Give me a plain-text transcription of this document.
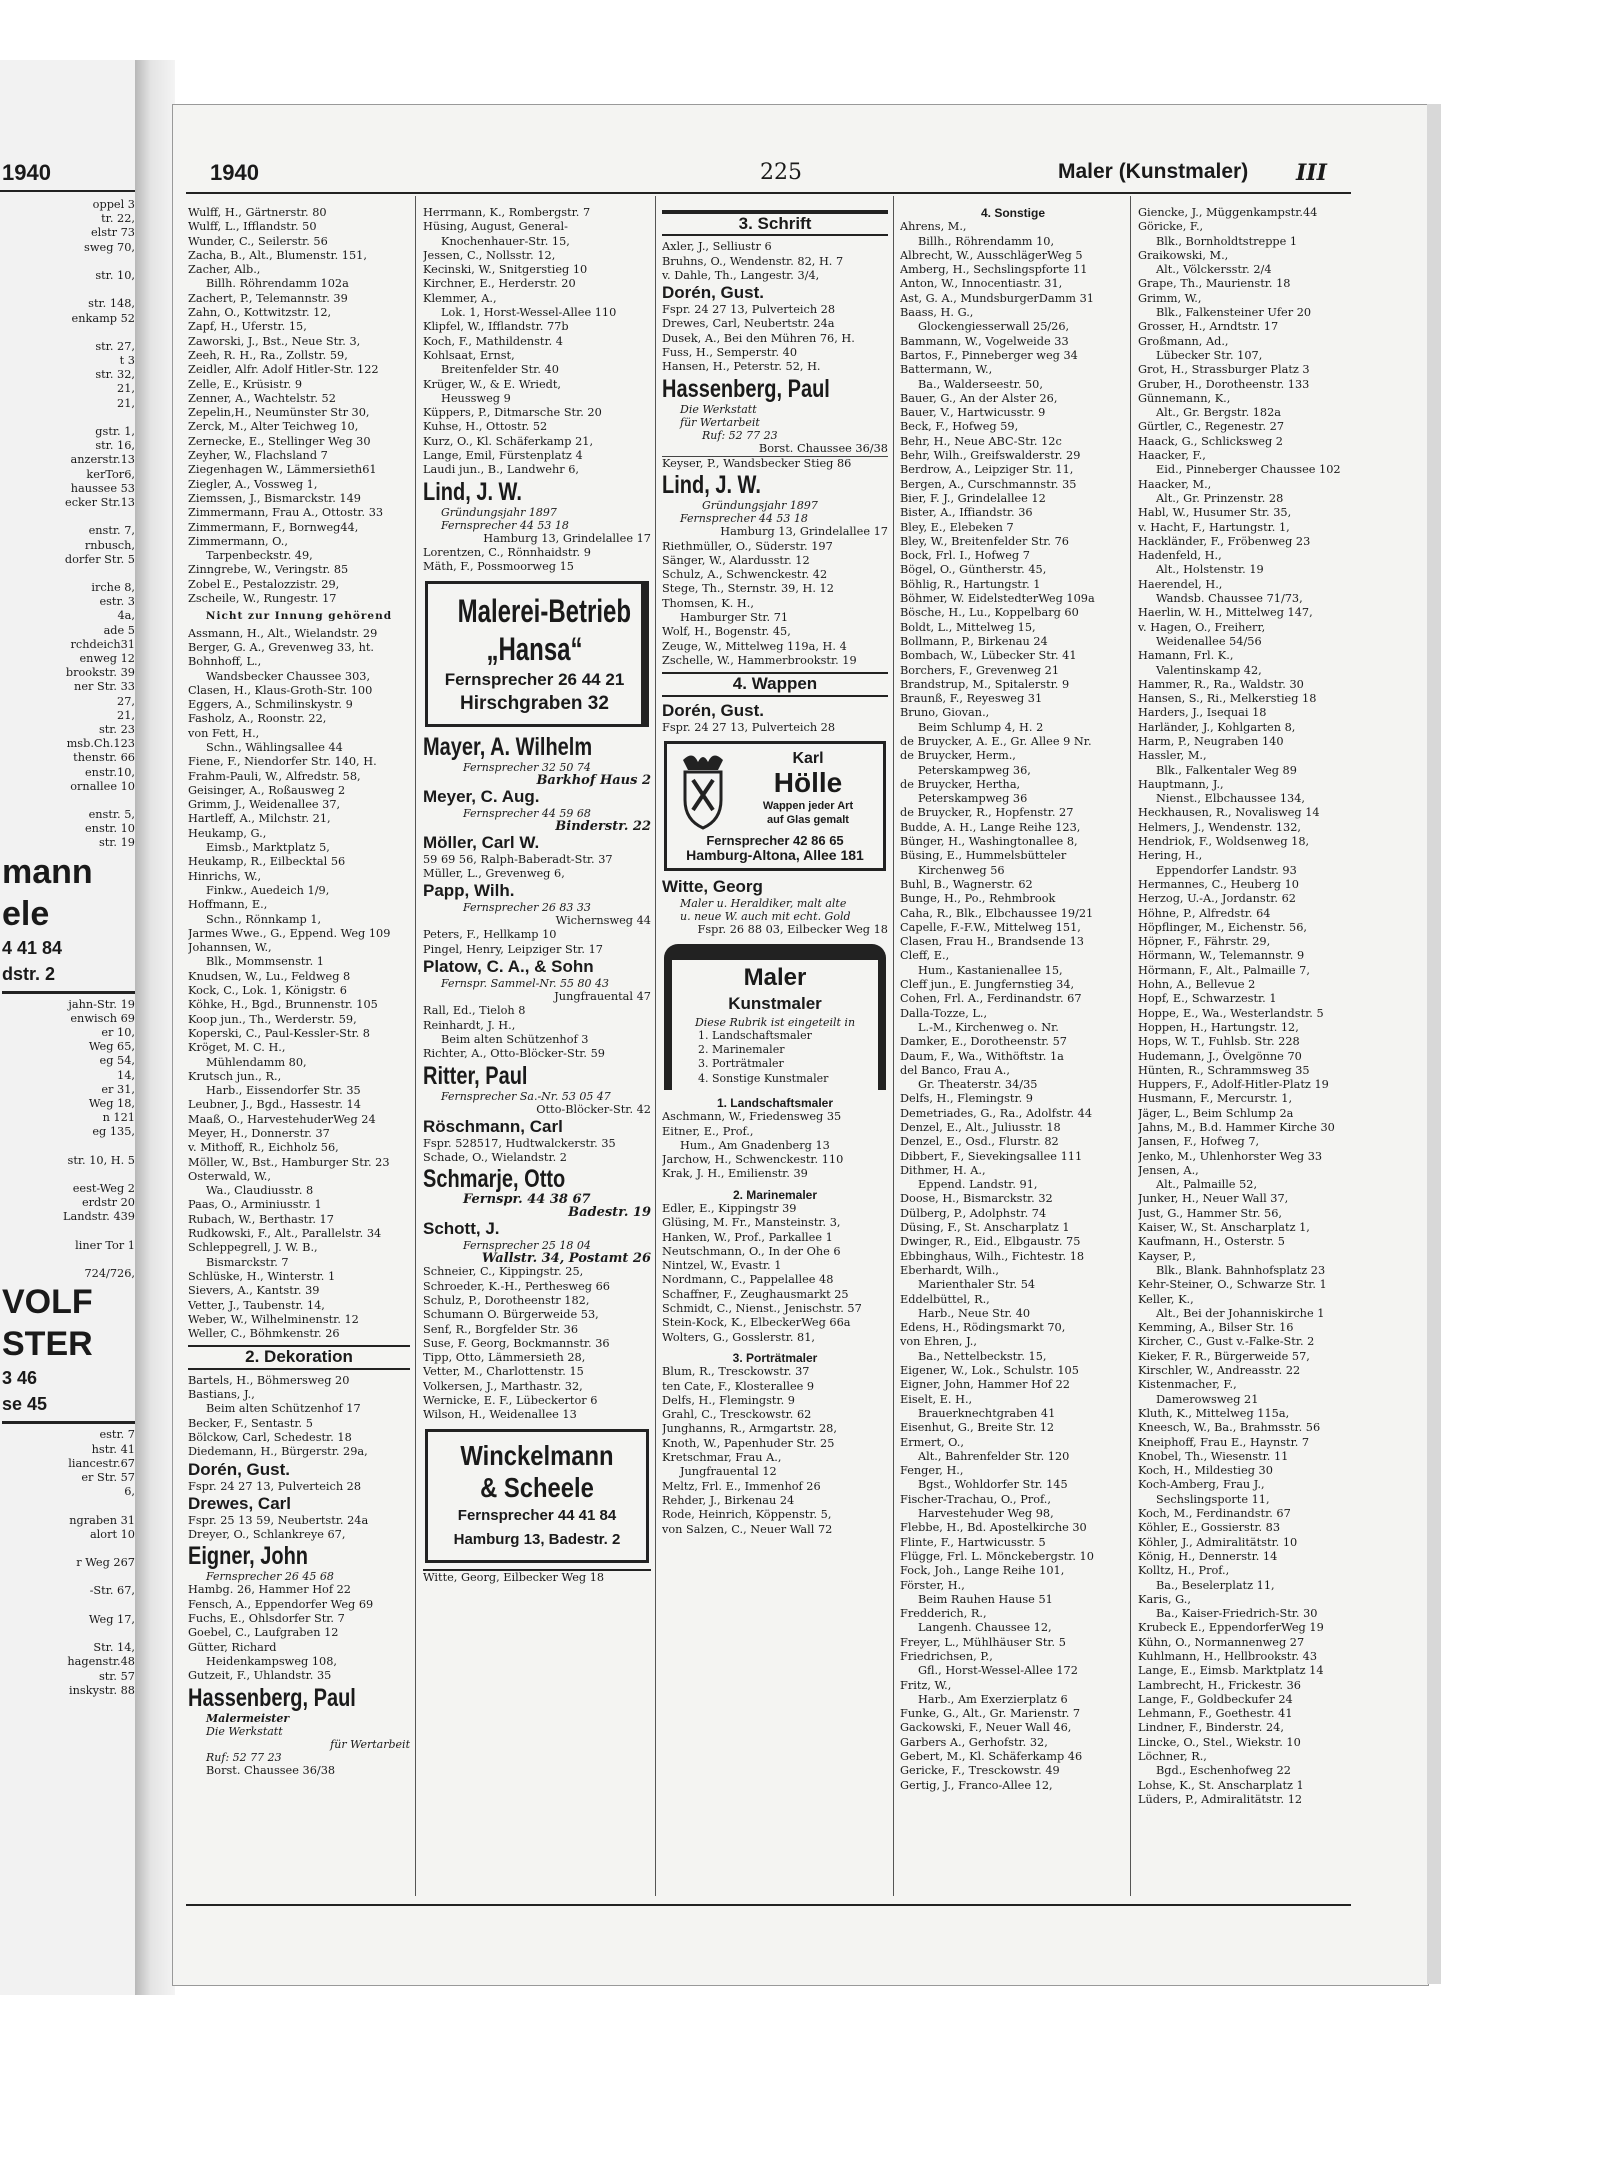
1940
oppel 3
tr. 22,
elstr 73
sweg 70,
str. 10,
str. 148,
enkamp 52
str. 27,
t 3
str. 32,
21,
21,
gstr. 1,
str. 16,
anzerstr.13
kerTor6,
haussee 53
ecker Str.13
enstr. 7,
rnbusch,
dorfer Str. 5
irche 8,
estr. 3
4a,
ade 5
rchdeich31
enweg 12
brookstr. 39
ner Str. 33
27,
21,
str. 23
msb.Ch.123
thenstr. 66
enstr.10,
ornallee 10
enstr. 5,
enstr. 10
str. 19
mann
ele
4 41 84
dstr. 2
jahn-Str. 19
enwisch 69
er 10,
Weg 65,
eg 54,
14,
er 31,
Weg 18,
n 121
eg 135,
str. 10, H. 5
eest-Weg 2
erdstr 20
Landstr. 439
liner Tor 1
724/726,
VOLF
STER
3 46
se 45
estr. 7
hstr. 41
liancestr.67
er Str. 57
6,
ngraben 31
alort 10
r Weg 267
-Str. 67,
Weg 17,
Str. 14,
hagenstr.48
str. 57
inskystr. 88
1940	225	Maler (Kunstmaler) III
Wulff, H., Gärtnerstr. 80
Wulff, L., Ifflandstr. 50
Wunder, C., Seilerstr. 56
Zacha, B., Alt., Blumenstr. 151,
Zacher, Alb.,
Billh. Röhrendamm 102a
Zachert, P., Telemannstr. 39
Zahn, O., Kottwitzstr. 12,
Zapf, H., Uferstr. 15,
Zaworski, J., Bst., Neue Str. 3,
Zeeh, R. H., Ra., Zollstr. 59,
Zeidler, Alfr. Adolf Hitler-Str. 122
Zelle, E., Krüsistr. 9
Zenner, A., Wachtelstr. 52
Zepelin,H., Neumünster Str 30,
Zerck, M., Alter Teichweg 10,
Zernecke, E., Stellinger Weg 30
Zeyher, W., Flachsland 7
Ziegenhagen W., Lämmersieth61
Ziegler, A., Vossweg 1,
Ziemssen, J., Bismarckstr. 149
Zimmermann, Frau A., Ottostr. 33
Zimmermann, F., Bornweg44,
Zimmermann, O.,
Tarpenbeckstr. 49,
Zinngrebe, W., Veringstr. 85
Zobel E., Pestalozzistr. 29,
Zscheile, W., Rungestr. 17
Nicht zur Innung gehörend
Assmann, H., Alt., Wielandstr. 29
Berger, G. A., Grevenweg 33, ht.
Bohnhoff, L.,
Wandsbecker Chaussee 303,
Clasen, H., Klaus-Groth-Str. 100
Eggers, A., Schmilinskystr. 9
Fasholz, A., Roonstr. 22,
von Fett, H.,
Schn., Wählingsallee 44
Fiene, F., Niendorfer Str. 140, H.
Frahm-Pauli, W., Alfredstr. 58,
Geisinger, A., Roßausweg 2
Grimm, J., Weidenallee 37,
Hartleff, A., Milchstr. 21,
Heukamp, G.,
Eimsb., Marktplatz 5,
Heukamp, R., Eilbecktal 56
Hinrichs, W.,
Finkw., Auedeich 1/9,
Hoffmann, E.,
Schn., Rönnkamp 1,
Jarmes Wwe., G., Eppend. Weg 109
Johannsen, W.,
Blk., Mommsenstr. 1
Knudsen, W., Lu., Feldweg 8
Kock, C., Lok. 1, Königstr. 6
Köhke, H., Bgd., Brunnenstr. 105
Koop jun., Th., Werderstr. 59,
Koperski, C., Paul-Kessler-Str. 8
Kröget, M. C. H.,
Mühlendamm 80,
Krutsch jun., R.,
Harb., Eissendorfer Str. 35
Leubner, J., Bgd., Hassestr. 14
Maaß, O., HarvestehuderWeg 24
Meyer, H., Donnerstr. 37
v. Mithoff, R., Eichholz 56,
Möller, W., Bst., Hamburger Str. 23
Osterwald, W.,
Wa., Claudiusstr. 8
Paas, O., Arminiusstr. 1
Rubach, W., Berthastr. 17
Rudkowski, F., Alt., Parallelstr. 34
Schleppegrell, J. W. B.,
Bismarckstr. 7
Schlüske, H., Winterstr. 1
Sievers, A., Kantstr. 39
Vetter, J., Taubenstr. 14,
Weber, W., Wilhelminenstr. 12
Weller, C., Böhmkenstr. 26
2. Dekoration
Bartels, H., Böhmersweg 20
Bastians, J.,
Beim alten Schützenhof 17
Becker, F., Sentastr. 5
Bölckow, Carl, Schedestr. 18
Diedemann, H., Bürgerstr. 29a,
Dorén, Gust.
Fspr. 24 27 13, Pulverteich 28
Drewes, Carl
Fspr. 25 13 59, Neubertstr. 24a
Dreyer, O., Schlankreye 67,
Eigner, John
Fernsprecher 26 45 68
Hambg. 26, Hammer Hof 22
Fensch, A., Eppendorfer Weg 69
Fuchs, E., Ohlsdorfer Str. 7
Goebel, C., Laufgraben 12
Gütter, Richard
Heidenkampsweg 108,
Gutzeit, F., Uhlandstr. 35
Hassenberg, Paul
Malermeister
Die Werkstatt
für Wertarbeit
Ruf: 52 77 23
Borst. Chaussee 36/38
Herrmann, K., Rombergstr. 7
Hüsing, August, General-
Knochenhauer-Str. 15,
Jessen, C., Nollsstr. 12,
Kecinski, W., Snitgerstieg 10
Kirchner, E., Herderstr. 20
Klemmer, A.,
Lok. 1, Horst-Wessel-Allee 110
Klipfel, W., Ifflandstr. 77b
Koch, F., Mathildenstr. 4
Kohlsaat, Ernst,
Breitenfelder Str. 40
Krüger, W., & E. Wriedt,
Heussweg 9
Küppers, P., Ditmarsche Str. 20
Kuhse, H., Ottostr. 52
Kurz, O., Kl. Schäferkamp 21,
Lange, Emil, Fürstenplatz 4
Laudi jun., B., Landwehr 6,
Lind, J. W.
Gründungsjahr 1897
Fernsprecher 44 53 18
Hamburg 13, Grindelallee 17
Lorentzen, C., Rönnhaidstr. 9
Mäth, F., Possmoorweg 15
Malerei-Betrieb
„Hansa“
Fernsprecher 26 44 21
Hirschgraben 32
Mayer, A. Wilhelm
Fernsprecher 32 50 74
Barkhof Haus 2
Meyer, C. Aug.
Fernsprecher 44 59 68
Binderstr. 22
Möller, Carl W.
59 69 56, Ralph-Baberadt-Str. 37
Müller, L., Grevenweg 6,
Papp, Wilh.
Fernsprecher 26 83 33
Wichernsweg 44
Peters, F., Hellkamp 10
Pingel, Henry, Leipziger Str. 17
Platow, C. A., & Sohn
Fernspr. Sammel-Nr. 55 80 43
Jungfrauental 47
Rall, Ed., Tieloh 8
Reinhardt, J. H.,
Beim alten Schützenhof 3
Richter, A., Otto-Blöcker-Str. 59
Ritter, Paul
Fernsprecher Sa.-Nr. 53 05 47
Otto-Blöcker-Str. 42
Röschmann, Carl
Fspr. 528517, Hudtwalckerstr. 35
Schade, O., Wielandstr. 2
Schmarje, Otto
Fernspr. 44 38 67
Badestr. 19
Schott, J.
Fernsprecher 25 18 04
Wallstr. 34, Postamt 26
Schneier, C., Kippingstr. 25,
Schroeder, K.-H., Perthesweg 66
Schulz, P., Dorotheenstr 182,
Schumann O. Bürgerweide 53,
Senf, R., Borgfelder Str. 36
Suse, F. Georg, Bockmannstr. 36
Tipp, Otto, Lämmersieth 28,
Vetter, M., Charlottenstr. 15
Volkersen, J., Marthastr. 32,
Wernicke, E. F., Lübeckertor 6
Wilson, H., Weidenallee 13
Winckelmann
& Scheele
Fernsprecher 44 41 84
Hamburg 13, Badestr. 2
Witte, Georg, Eilbecker Weg 18
3. Schrift
Axler, J., Selliustr 6
Bruhns, O., Wendenstr. 82, H. 7
v. Dahle, Th., Langestr. 3/4,
Dorén, Gust.
Fspr. 24 27 13, Pulverteich 28
Drewes, Carl, Neubertstr. 24a
Dusek, A., Bei den Mühren 76, H.
Fuss, H., Semperstr. 40
Hansen, H., Peterstr. 52, H.
Hassenberg, Paul
Die Werkstatt
für Wertarbeit
Ruf: 52 77 23
Borst. Chaussee 36/38
Keyser, P., Wandsbecker Stieg 86
Lind, J. W.
Gründungsjahr 1897
Fernsprecher 44 53 18
Hamburg 13, Grindelallee 17
Riethmüller, O., Süderstr. 197
Sänger, W., Alardusstr. 12
Schulz, A., Schwenckestr. 42
Stege, Th., Sternstr. 39, H. 12
Thomsen, K. H.,
Hamburger Str. 71
Wolf, H., Bogenstr. 45,
Zeuge, W., Mittelweg 119a, H. 4
Zschelle, W., Hammerbrookstr. 19
4. Wappen
Dorén, Gust.
Fspr. 24 27 13, Pulverteich 28
Karl
Hölle
Wappen jeder Art
auf Glas gemalt
Fernsprecher 42 86 65
Hamburg-Altona, Allee 181
Witte, Georg
Maler u. Heraldiker, malt alte
u. neue W. auch mit echt. Gold
Fspr. 26 88 03, Eilbecker Weg 18
Maler
Kunstmaler
Diese Rubrik ist eingeteilt in
1. Landschaftsmaler
2. Marinemaler
3. Porträtmaler
4. Sonstige Kunstmaler
1. Landschaftsmaler
Aschmann, W., Friedensweg 35
Eitner, E., Prof.,
Hum., Am Gnadenberg 13
Jarchow, H., Schwenckestr. 110
Krak, J. H., Emilienstr. 39
2. Marinemaler
Edler, E., Kippingstr 39
Glüsing, M. Fr., Mansteinstr. 3,
Hanken, W., Prof., Parkallee 1
Neutschmann, O., In der Ohe 6
Nintzel, W., Evastr. 1
Nordmann, C., Pappelallee 48
Schaffner, F., Zeughausmarkt 25
Schmidt, C., Nienst., Jenischstr. 57
Stein-Kock, K., ElbeckerWeg 66a
Wolters, G., Gosslerstr. 81,
3. Porträtmaler
Blum, R., Tresckowstr. 37
ten Cate, F., Klosterallee 9
Delfs, H., Flemingstr. 9
Grahl, C., Tresckowstr. 62
Junghanns, R., Armgartstr. 28,
Knoth, W., Papenhuder Str. 25
Kretschmar, Frau A.,
Jungfrauental 12
Meltz, Frl. E., Immenhof 26
Rehder, J., Birkenau 24
Rode, Heinrich, Köppenstr. 5,
von Salzen, C., Neuer Wall 72
4. Sonstige
Ahrens, M.,
Billh., Röhrendamm 10,
Albrecht, W., AusschlägerWeg 5
Amberg, H., Sechslingspforte 11
Anton, W., Innocentiastr. 31,
Ast, G. A., MundsburgerDamm 31
Baass, H. G.,
Glockengiesserwall 25/26,
Bammann, W., Vogelweide 33
Bartos, F., Pinneberger weg 34
Battermann, W.,
Ba., Walderseestr. 50,
Bauer, G., An der Alster 26,
Bauer, V., Hartwicusstr. 9
Beck, F., Hofweg 59,
Behr, H., Neue ABC-Str. 12c
Behr, Wilh., Greifswalderstr. 29
Berdrow, A., Leipziger Str. 11,
Bergen, A., Curschmannstr. 35
Bier, F. J., Grindelallee 12
Bister, A., Iffiandstr. 36
Bley, E., Elebeken 7
Bley, W., Breitenfelder Str. 76
Bock, Frl. I., Hofweg 7
Bögel, O., Güntherstr. 45,
Böhlig, R., Hartungstr. 1
Böhmer, W. EidelstedterWeg 109a
Bösche, H., Lu., Koppelbarg 60
Boldt, L., Mittelweg 15,
Bollmann, P., Birkenau 24
Bombach, W., Lübecker Str. 41
Borchers, F., Grevenweg 21
Brandstrup, M., Spitalerstr. 9
Braunß, F., Reyesweg 31
Bruno, Giovan.,
Beim Schlump 4, H. 2
de Bruycker, A. E., Gr. Allee 9 Nr.
de Bruycker, Herm.,
Peterskampweg 36,
de Bruycker, Hertha,
Peterskampweg 36
de Bruycker, R., Hopfenstr. 27
Budde, A. H., Lange Reihe 123,
Bünger, H., Washingtonallee 8,
Büsing, E., Hummelsbütteler
Kirchenweg 56
Buhl, B., Wagnerstr. 62
Bunge, H., Po., Rehmbrook
Caha, R., Blk., Elbchaussee 19/21
Capelle, F.-F.W., Mittelweg 151,
Clasen, Frau H., Brandsende 13
Cleff, E.,
Hum., Kastanienallee 15,
Cleff jun., E. Jungfernstieg 34,
Cohen, Frl. A., Ferdinandstr. 67
Dalla-Tozze, L.,
L.-M., Kirchenweg o. Nr.
Damker, E., Dorotheenstr. 57
Daum, F., Wa., Withöftstr. 1a
del Banco, Frau A.,
Gr. Theaterstr. 34/35
Delfs, H., Flemingstr. 9
Demetriades, G., Ra., Adolfstr. 44
Denzel, E., Alt., Juliusstr. 18
Denzel, E., Osd., Flurstr. 82
Dibbert, F., Sievekingsallee 111
Dithmer, H. A.,
Eppend. Landstr. 91,
Doose, H., Bismarckstr. 32
Dülberg, P., Adolphstr. 74
Düsing, F., St. Anscharplatz 1
Dwinger, R., Eid., Elbgaustr. 75
Ebbinghaus, Wilh., Fichtestr. 18
Eberhardt, Wilh.,
Marienthaler Str. 54
Eddelbüttel, R.,
Harb., Neue Str. 40
Edens, H., Rödingsmarkt 70,
von Ehren, J.,
Ba., Nettelbeckstr. 15,
Eigener, W., Lok., Schulstr. 105
Eigner, John, Hammer Hof 22
Eiselt, E. H.,
Brauerknechtgraben 41
Eisenhut, G., Breite Str. 12
Ermert, O.,
Alt., Bahrenfelder Str. 120
Fenger, H.,
Bgst., Wohldorfer Str. 145
Fischer-Trachau, O., Prof.,
Harvestehuder Weg 98,
Flebbe, H., Bd. Apostelkirche 30
Flinte, F., Hartwicusstr. 5
Flügge, Frl. L. Mönckebergstr. 10
Fock, Joh., Lange Reihe 101,
Förster, H.,
Beim Rauhen Hause 51
Fredderich, R.,
Langenh. Chaussee 12,
Freyer, L., Mühlhäuser Str. 5
Friedrichsen, P.,
Gfl., Horst-Wessel-Allee 172
Fritz, W.,
Harb., Am Exerzierplatz 6
Funke, G., Alt., Gr. Marienstr. 7
Gackowski, F., Neuer Wall 46,
Garbers A., Gerhofstr. 32,
Gebert, M., Kl. Schäferkamp 46
Gericke, F., Tresckowstr. 49
Gertig, J., Franco-Allee 12,
Giencke, J., Müggenkampstr.44
Göricke, F.,
Blk., Bornholdtstreppe 1
Graikowski, M.,
Alt., Völckersstr. 2/4
Grape, Th., Maurienstr. 18
Grimm, W.,
Blk., Falkensteiner Ufer 20
Grosser, H., Arndtstr. 17
Großmann, Ad.,
Lübecker Str. 107,
Grot, H., Strassburger Platz 3
Gruber, H., Dorotheenstr. 133
Günnemann, K.,
Alt., Gr. Bergstr. 182a
Gürtler, C., Regenestr. 27
Haack, G., Schlicksweg 2
Haacker, F.,
Eid., Pinneberger Chaussee 102
Haacker, M.,
Alt., Gr. Prinzenstr. 28
Habl, W., Husumer Str. 35,
v. Hacht, F., Hartungstr. 1,
Hackländer, F., Fröbenweg 23
Hadenfeld, H.,
Alt., Holstenstr. 19
Haerendel, H.,
Wandsb. Chaussee 71/73,
Haerlin, W. H., Mittelweg 147,
v. Hagen, O., Freiherr,
Weidenallee 54/56
Hamann, Frl. K.,
Valentinskamp 42,
Hammer, R., Ra., Waldstr. 30
Hansen, S., Ri., Melkerstieg 18
Harders, J., Isequai 18
Harländer, J., Kohlgarten 8,
Harm, P., Neugraben 140
Hassler, M.,
Blk., Falkentaler Weg 89
Hauptmann, J.,
Nienst., Elbchaussee 134,
Heckhausen, R., Novalisweg 14
Helmers, J., Wendenstr. 132,
Hendriok, F., Woldsenweg 18,
Hering, H.,
Eppendorfer Landstr. 93
Hermannes, C., Heuberg 10
Herzog, U.-A., Jordanstr. 62
Höhne, P., Alfredstr. 64
Höpflinger, M., Eichenstr. 56,
Höpner, F., Fährstr. 29,
Hörmann, W., Telemannstr. 9
Hörmann, F., Alt., Palmaille 7,
Hohn, A., Bellevue 2
Hopf, E., Schwarzestr. 1
Hoppe, E., Wa., Westerlandstr. 5
Hoppen, H., Hartungstr. 12,
Hops, W. T., Fuhlsb. Str. 228
Hudemann, J., Övelgönne 70
Hünten, R., Schrammsweg 35
Huppers, F., Adolf-Hitler-Platz 19
Husmann, F., Mercurstr. 1,
Jäger, L., Beim Schlump 2a
Jahns, M., B.d. Hammer Kirche 30
Jansen, F., Hofweg 7,
Jenko, M., Uhlenhorster Weg 33
Jensen, A.,
Alt., Palmaille 52,
Junker, H., Neuer Wall 37,
Just, G., Hammer Str. 56,
Kaiser, W., St. Anscharplatz 1,
Kaufmann, H., Osterstr. 5
Kayser, P.,
Blk., Blank. Bahnhofsplatz 23
Kehr-Steiner, O., Schwarze Str. 1
Keller, K.,
Alt., Bei der Johanniskirche 1
Kemming, A., Bilser Str. 16
Kircher, C., Gust v.-Falke-Str. 2
Kieker, F. R., Bürgerweide 57,
Kirschler, W., Andreasstr. 22
Kistenmacher, F.,
Damerowsweg 21
Kluth, K., Mittelweg 115a,
Kneesch, W., Ba., Brahmsstr. 56
Kneiphoff, Frau E., Haynstr. 7
Knobel, Th., Wiesenstr. 11
Koch, H., Mildestieg 30
Koch-Amberg, Frau J.,
Sechslingsporte 11,
Koch, M., Ferdinandstr. 67
Köhler, E., Gossierstr. 83
Köhler, J., Admiralitätstr. 10
König, H., Dennerstr. 14
Kolltz, H., Prof.,
Ba., Beselerplatz 11,
Karis, G.,
Ba., Kaiser-Friedrich-Str. 30
Krubeck E., EppendorferWeg 19
Kühn, O., Normannenweg 27
Kuhlmann, H., Hellbrookstr. 43
Lange, E., Eimsb. Marktplatz 14
Lambrecht, H., Frickestr. 36
Lange, F., Goldbeckufer 24
Lehmann, F., Goethestr. 41
Lindner, F., Binderstr. 24,
Lincke, O., Stel., Wiekstr. 10
Löchner, R.,
Bgd., Eschenhofweg 22
Lohse, K., St. Anscharplatz 1
Lüders, P., Admiralitätstr. 12
